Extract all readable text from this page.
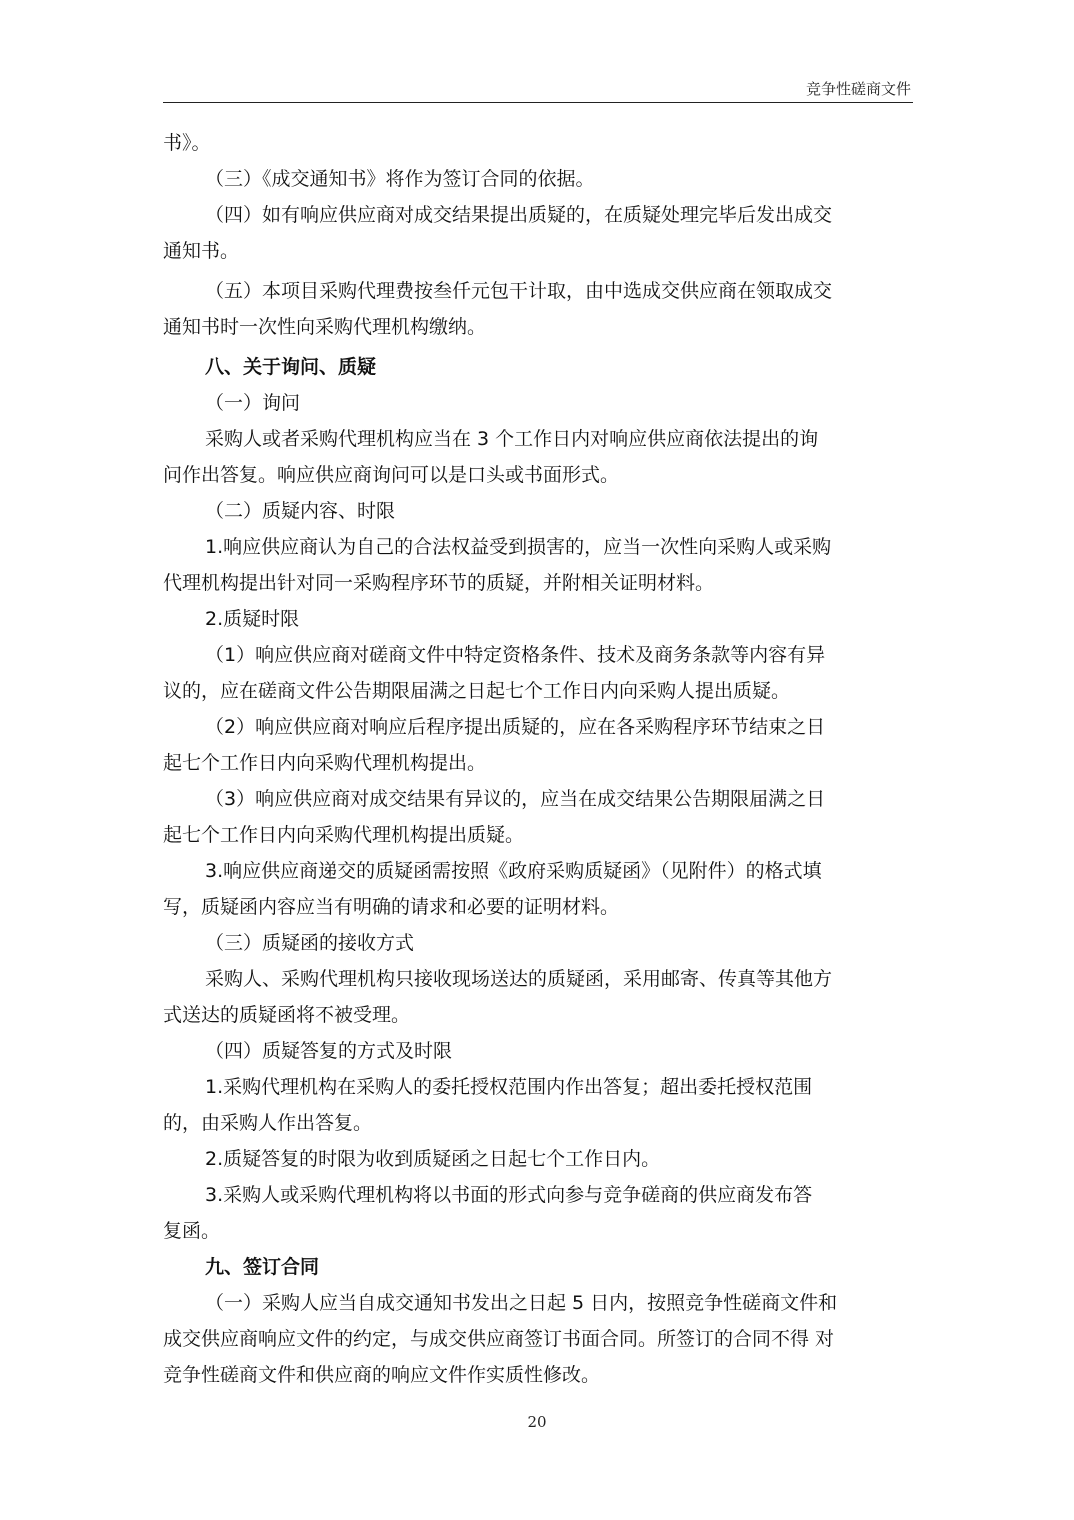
竞争性磋商文件
书》。
（三）《成交通知书》将作为签订合同的依据。
（四）如有响应供应商对成交结果提出质疑的，在质疑处理完毕后发出成交
通知书。
（五）本项目采购代理费按叁仟元包干计取，由中选成交供应商在领取成交
通知书时一次性向采购代理机构缴纳。
八、关于询问、质疑
（一）询问
采购人或者采购代理机构应当在 3 个工作日内对响应供应商依法提出的询
问作出答复。响应供应商询问可以是口头或书面形式。
（二）质疑内容、时限
1.响应供应商认为自己的合法权益受到损害的，应当一次性向采购人或采购
代理机构提出针对同一采购程序环节的质疑，并附相关证明材料。
2.质疑时限
（1）响应供应商对磋商文件中特定资格条件、技术及商务条款等内容有异
议的，应在磋商文件公告期限届满之日起七个工作日内向采购人提出质疑。
（2）响应供应商对响应后程序提出质疑的，应在各采购程序环节结束之日
起七个工作日内向采购代理机构提出。
（3）响应供应商对成交结果有异议的，应当在成交结果公告期限届满之日
起七个工作日内向采购代理机构提出质疑。
3.响应供应商递交的质疑函需按照《政府采购质疑函》（见附件）的格式填
写，质疑函内容应当有明确的请求和必要的证明材料。
（三）质疑函的接收方式
采购人、采购代理机构只接收现场送达的质疑函，采用邮寄、传真等其他方
式送达的质疑函将不被受理。
（四）质疑答复的方式及时限
1.采购代理机构在采购人的委托授权范围内作出答复；超出委托授权范围
的，由采购人作出答复。
2.质疑答复的时限为收到质疑函之日起七个工作日内。
3.采购人或采购代理机构将以书面的形式向参与竞争磋商的供应商发布答
复函。
九、签订合同
（一）采购人应当自成交通知书发出之日起 5 日内，按照竞争性磋商文件和
成交供应商响应文件的约定，与成交供应商签订书面合同。所签订的合同不得 对
竞争性磋商文件和供应商的响应文件作实质性修改。
20
